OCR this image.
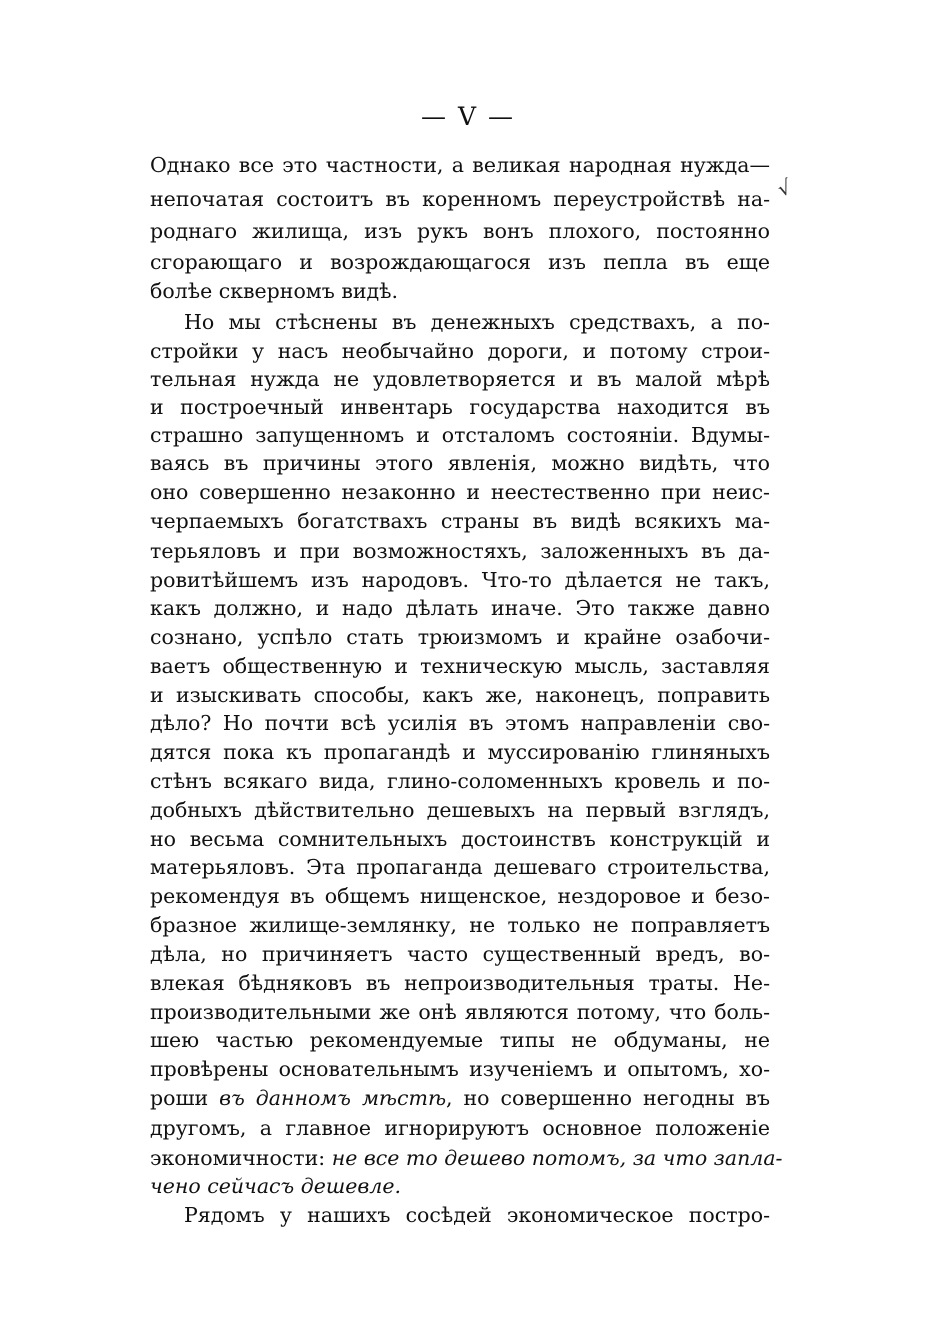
— V —
√
Однако все это частности, а великая народная нужда—
непочатая состоитъ въ коренномъ переустройствѣ на-
роднаго жилища, изъ рукъ вонъ плохого, постоянно
сгорающаго и возрождающагося изъ пепла въ еще
болѣе скверномъ видѣ.
Но мы стѣснены въ денежныхъ средствахъ, а по-
стройки у насъ необычайно дороги, и потому строи-
тельная нужда не удовлетворяется и въ малой мѣрѣ
и построечный инвентарь государства находится въ
страшно запущенномъ и отсталомъ состояніи. Вдумы-
ваясь въ причины этого явленія, можно видѣть, что
оно совершенно незаконно и неестественно при неис-
черпаемыхъ богатствахъ страны въ видѣ всякихъ ма-
терьяловъ и при возможностяхъ, заложенныхъ въ да-
ровитѣйшемъ изъ народовъ. Что-то дѣлается не такъ,
какъ должно, и надо дѣлать иначе. Это также давно
сознано, успѣло стать трюизмомъ и крайне озабочи-
ваетъ общественную и техническую мысль, заставляя
и изыскивать способы, какъ же, наконецъ, поправить
дѣло? Но почти всѣ усилія въ этомъ направленіи сво-
дятся пока къ пропагандѣ и муссированію глиняныхъ
стѣнъ всякаго вида, глино-соломенныхъ кровель и по-
добныхъ дѣйствительно дешевыхъ на первый взглядъ,
но весьма сомнительныхъ достоинствъ конструкцій и
матерьяловъ. Эта пропаганда дешеваго строительства,
рекомендуя въ общемъ нищенское, нездоровое и безо-
бразное жилище-землянку, не только не поправляетъ
дѣла, но причиняетъ часто существенный вредъ, во-
влекая бѣдняковъ въ непроизводительныя траты. Не-
производительными же онѣ являются потому, что боль-
шею частью рекомендуемые типы не обдуманы, не
провѣрены основательнымъ изученіемъ и опытомъ, хо-
роши въ данномъ мѣстѣ, но совершенно негодны въ
другомъ, а главное игнорируютъ основное положеніе
экономичности: не все то дешево потомъ, за что запла-
чено сейчасъ дешевле.
Рядомъ у нашихъ сосѣдей экономическое постро-
